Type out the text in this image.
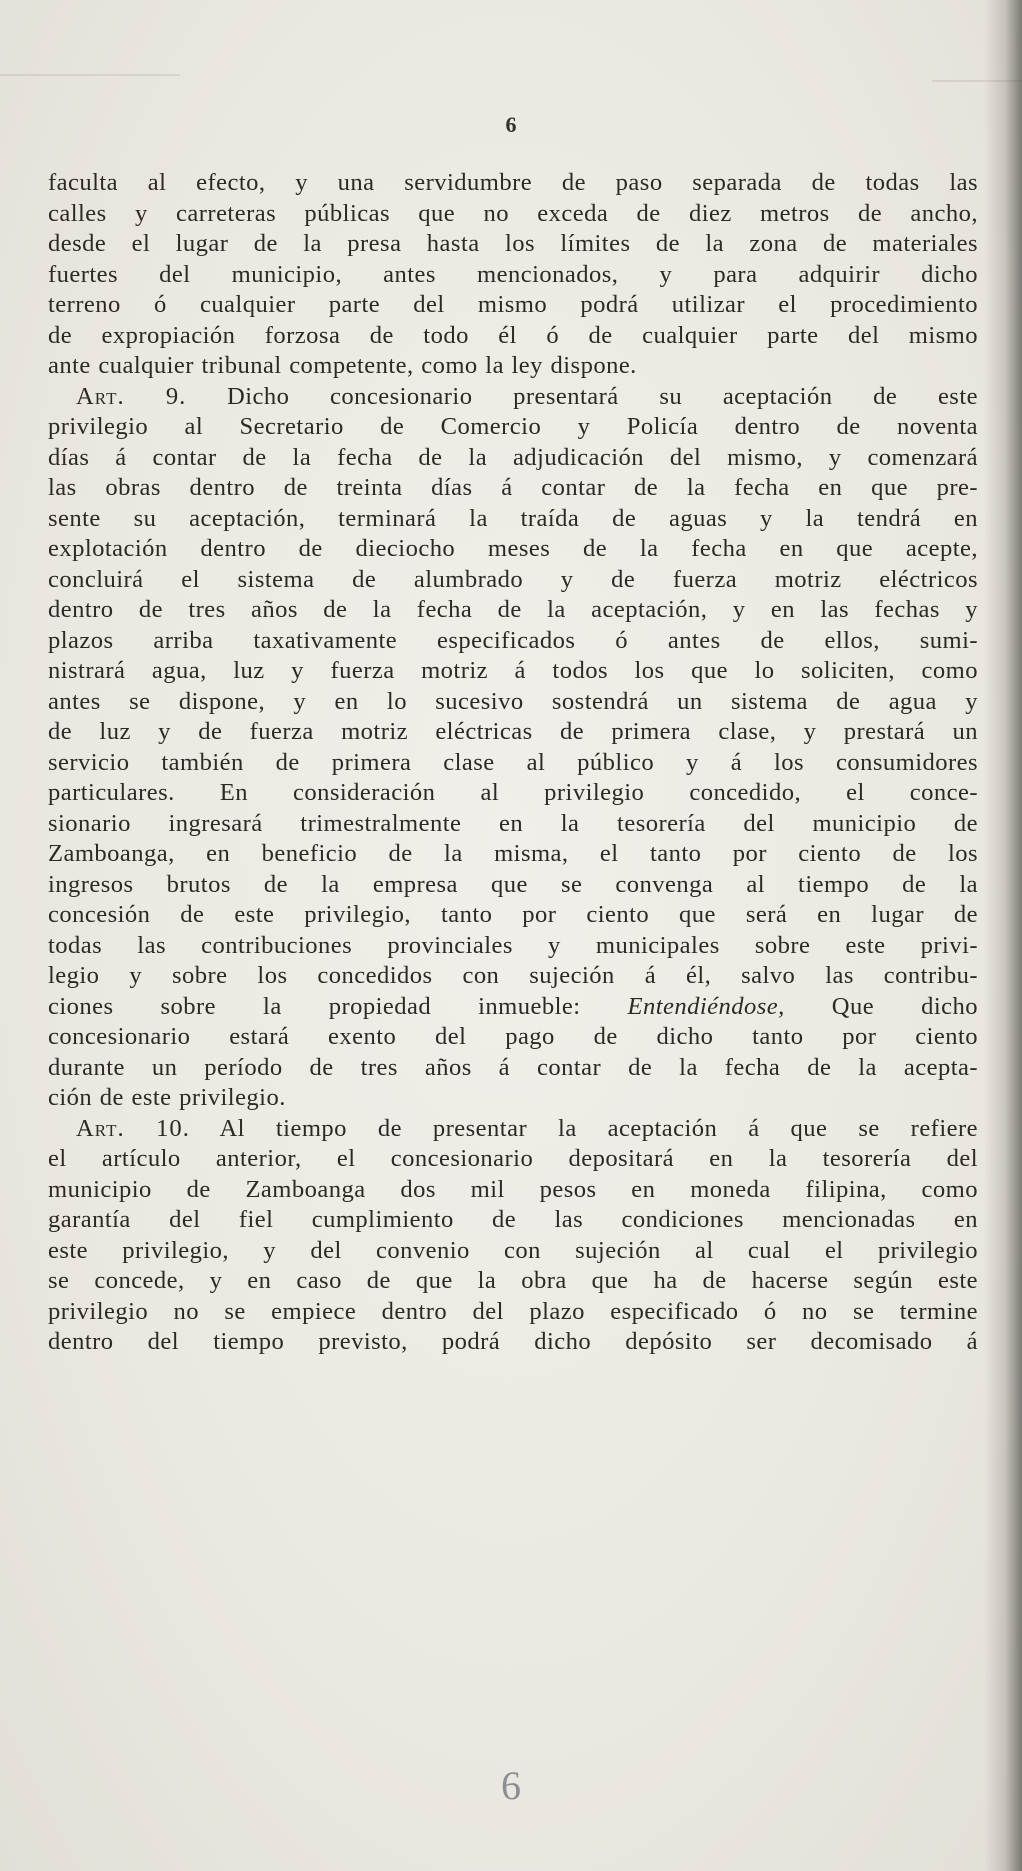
6
faculta al efecto, y una servidumbre de paso separada de todas las
calles y carreteras públicas que no exceda de diez metros de ancho,
desde el lugar de la presa hasta los límites de la zona de materiales
fuertes del municipio, antes mencionados, y para adquirir dicho
terreno ó cualquier parte del mismo podrá utilizar el procedimiento
de expropiación forzosa de todo él ó de cualquier parte del mismo
ante cualquier tribunal competente, como la ley dispone.
Art. 9. Dicho concesionario presentará su aceptación de este
privilegio al Secretario de Comercio y Policía dentro de noventa
días á contar de la fecha de la adjudicación del mismo, y comenzará
las obras dentro de treinta días á contar de la fecha en que pre-
sente su aceptación, terminará la traída de aguas y la tendrá en
explotación dentro de dieciocho meses de la fecha en que acepte,
concluirá el sistema de alumbrado y de fuerza motriz eléctricos
dentro de tres años de la fecha de la aceptación, y en las fechas y
plazos arriba taxativamente especificados ó antes de ellos, sumi-
nistrará agua, luz y fuerza motriz á todos los que lo soliciten, como
antes se dispone, y en lo sucesivo sostendrá un sistema de agua y
de luz y de fuerza motriz eléctricas de primera clase, y prestará un
servicio también de primera clase al público y á los consumidores
particulares. En consideración al privilegio concedido, el conce-
sionario ingresará trimestralmente en la tesorería del municipio de
Zamboanga, en beneficio de la misma, el tanto por ciento de los
ingresos brutos de la empresa que se convenga al tiempo de la
concesión de este privilegio, tanto por ciento que será en lugar de
todas las contribuciones provinciales y municipales sobre este privi-
legio y sobre los concedidos con sujeción á él, salvo las contribu-
ciones sobre la propiedad inmueble: Entendiéndose, Que dicho
concesionario estará exento del pago de dicho tanto por ciento
durante un período de tres años á contar de la fecha de la acepta-
ción de este privilegio.
Art. 10. Al tiempo de presentar la aceptación á que se refiere
el artículo anterior, el concesionario depositará en la tesorería del
municipio de Zamboanga dos mil pesos en moneda filipina, como
garantía del fiel cumplimiento de las condiciones mencionadas en
este privilegio, y del convenio con sujeción al cual el privilegio
se concede, y en caso de que la obra que ha de hacerse según este
privilegio no se empiece dentro del plazo especificado ó no se termine
dentro del tiempo previsto, podrá dicho depósito ser decomisado á
6
